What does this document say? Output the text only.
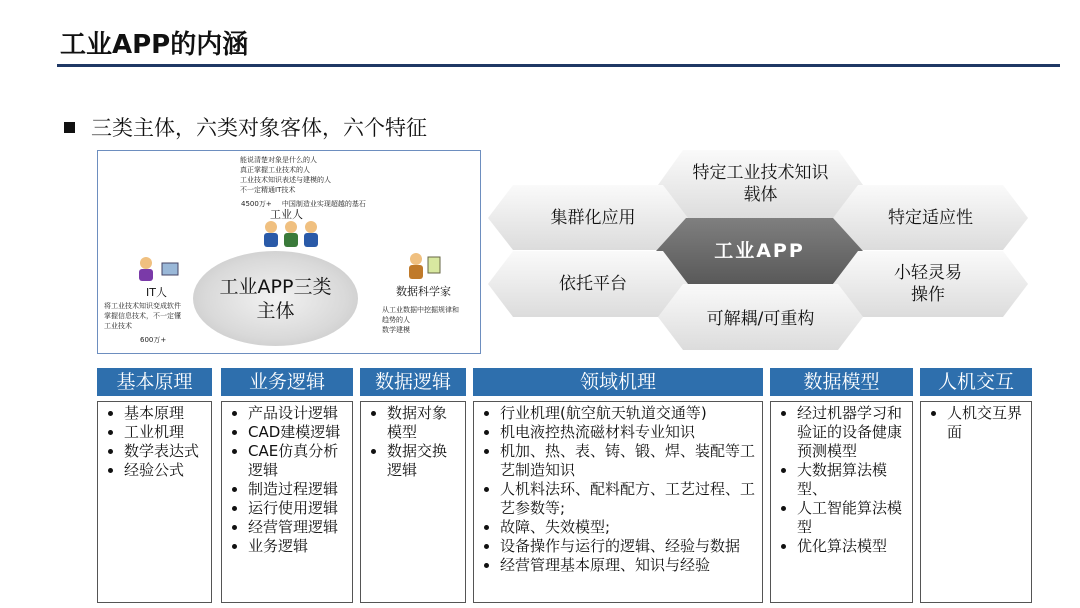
工业APP的内涵
三类主体，六类对象客体，六个特征
能说清楚对象是什么的人
真正掌握工业技术的人
工业技术知识表述与建模的人
不一定精通IT技术
4500万+ 中国制造业实现超越的基石
工业人
IT人
将工业技术知识变成软件
掌握信息技术，不一定懂
工业技术
600万+
工业APP三类主体
数据科学家
从工业数据中挖掘规律和
趋势的人
数学建模
特定工业技术知识载体
集群化应用	特定适应性
工业APP
依托平台
小轻灵易操作
可解耦/可重构
基本原理
• 基本原理
• 工业机理
• 数学表达式
• 经验公式
业务逻辑
• 产品设计逻辑
• CAD建模逻辑
• CAE仿真分析逻辑
• 制造过程逻辑
• 运行使用逻辑
• 经营管理逻辑
• 业务逻辑
数据逻辑
• 数据对象模型
• 数据交换逻辑
领域机理
• 行业机理(航空航天轨道交通等)
• 机电液控热流磁材料专业知识
• 机加、热、表、铸、锻、焊、装配等工艺制造知识
• 人机料法环、配料配方、工艺过程、工艺参数等;
• 故障、失效模型;
• 设备操作与运行的逻辑、经验与数据
• 经营管理基本原理、知识与经验
数据模型
• 经过机器学习和验证的设备健康预测模型
• 大数据算法模型、
• 人工智能算法模型
• 优化算法模型
人机交互
• 人机交互界面
